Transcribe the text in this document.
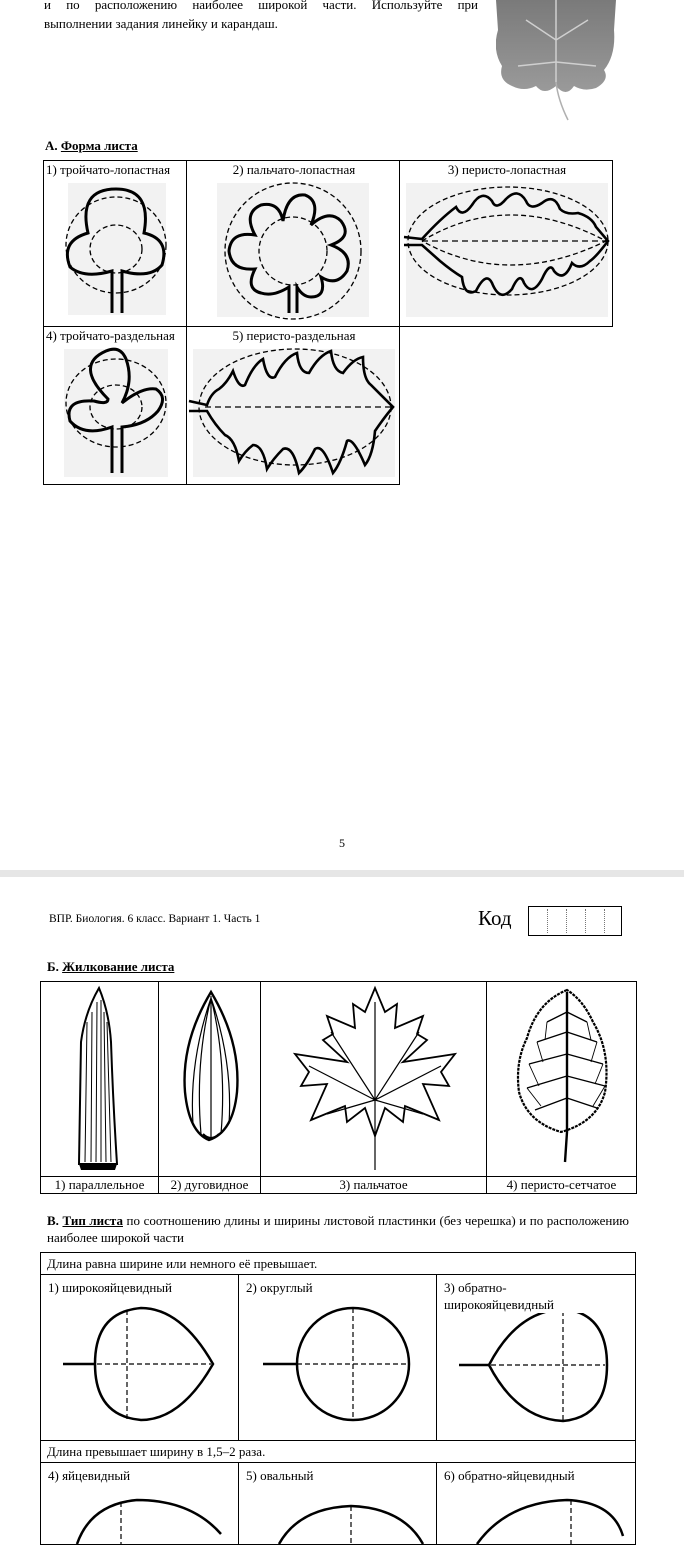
и по расположению наиболее широкой части. Используйте при
выполнении задания линейку и карандаш.
А. Форма листа
1) тройчато-лопастная	2) пальчато-лопастная	3) перисто-лопастная

4) тройчато-раздельная	5) перисто-раздельная	
5
ВПР. Биология. 6 класс. Вариант 1. Часть 1	Код
Б. Жилкование листа

1) параллельное	2) дуговидное	3) пальчатое	4) перисто-сетчатое
В. Тип листа по соотношению длины и ширины листовой пластинки (без черешка) и по расположению наиболее широкой части
Длина равна ширине или немного её превышает.		

1) широкояйцевидный	2) округлый	3) обратно-
широкояйцевидный

Длина превышает ширину в 1,5–2 раза.		

4) яйцевидный	5) овальный	6) обратно-яйцевидный
